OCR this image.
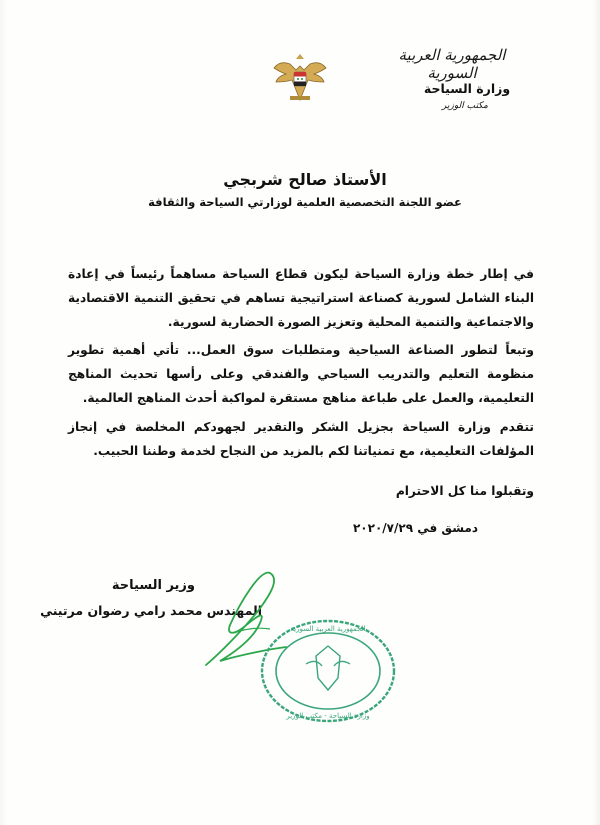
الجمهورية العربية السورية
وزارة السياحة
مكتب الوزير
الأستاذ صالح شربجي
عضو اللجنة التخصصية العلمية لوزارتي السياحة والثقافة
في إطار خطة وزارة السياحة ليكون قطاع السياحة مساهماً رئيساً في إعادة البناء الشامل لسورية كصناعة استراتيجية تساهم في تحقيق التنمية الاقتصادية والاجتماعية والتنمية المحلية وتعزيز الصورة الحضارية لسورية.
وتبعاً لتطور الصناعة السياحية ومتطلبات سوق العمل... تأتي أهمية تطوير منظومة التعليم والتدريب السياحي والفندقي وعلى رأسها تحديث المناهج التعليمية، والعمل على طباعة مناهج مستقرة لمواكبة أحدث المناهج العالمية.
تتقدم وزارة السياحة بجزيل الشكر والتقدير لجهودكم المخلصة في إنجاز المؤلفات التعليمية، مع تمنياتنا لكم بالمزيد من النجاح لخدمة وطننا الحبيب.
وتقبلوا منا كل الاحترام
دمشق في ٢٠٢٠/٧/٢٩
وزير السياحة
المهندس محمد رامي رضوان مرتيني
الجمهورية العربية السورية
وزارة السياحة - مكتب الوزير
